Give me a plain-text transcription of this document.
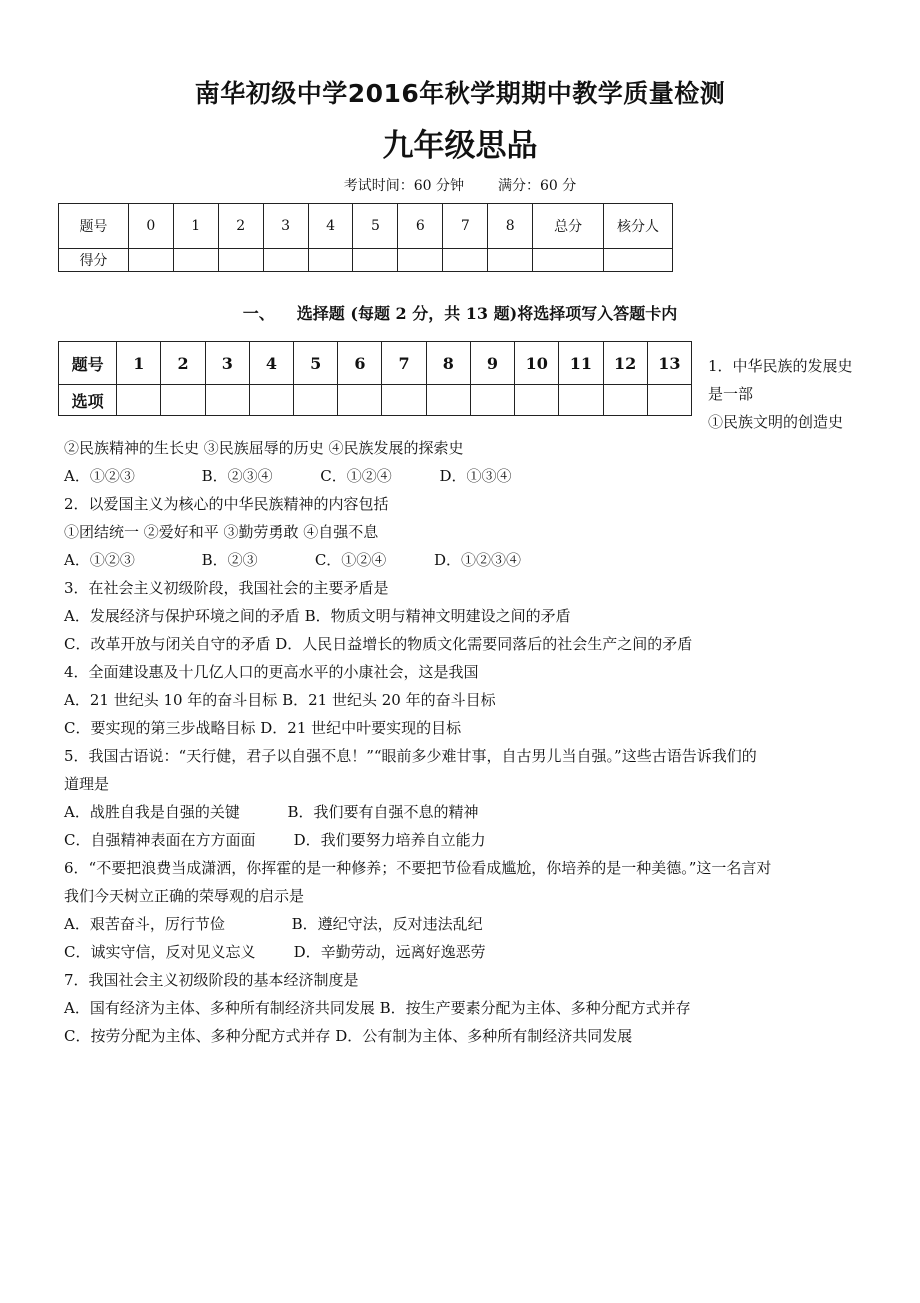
南华初级中学2016年秋学期期中教学质量检测
九年级思品
考试时间：60 分钟 满分：60 分
题号	0	1	2	3	4	5	6	7	8	总分	核分人
得分											
一、 选择题 (每题 2 分，共 13 题)将选择项写入答题卡内
题号	1	2	3	4	5	6	7	8	9	10	11	12	13
选项													
1．中华民族的发展史
是一部
①民族文明的创造史

②民族精神的生长史 ③民族屈辱的历史 ④民族发展的探索史

A．①②③              B．②③④          C．①②④          D．①③④

2．以爱国主义为核心的中华民族精神的内容包括

①团结统一 ②爱好和平 ③勤劳勇敢 ④自强不息

A．①②③              B．②③            C．①②④          D．①②③④

3．在社会主义初级阶段，我国社会的主要矛盾是

A．发展经济与保护环境之间的矛盾 B．物质文明与精神文明建设之间的矛盾

C．改革开放与闭关自守的矛盾 D．人民日益增长的物质文化需要同落后的社会生产之间的矛盾

4．全面建设惠及十几亿人口的更高水平的小康社会，这是我国

A．21 世纪头 10 年的奋斗目标 B．21 世纪头 20 年的奋斗目标

C．要实现的第三步战略目标 D．21 世纪中叶要实现的目标

5．我国古语说：“天行健，君子以自强不息！”“眼前多少难甘事，自古男儿当自强。”这些古语告诉我们的

道理是

A．战胜自我是自强的关键          B．我们要有自强不息的精神

C．自强精神表面在方方面面        D．我们要努力培养自立能力

6．“不要把浪费当成潇洒，你挥霍的是一种修养；不要把节俭看成尴尬，你培养的是一种美德。”这一名言对

我们今天树立正确的荣辱观的启示是

A．艰苦奋斗，厉行节俭              B．遵纪守法，反对违法乱纪

C．诚实守信，反对见义忘义        D．辛勤劳动，远离好逸恶劳

7．我国社会主义初级阶段的基本经济制度是

A．国有经济为主体、多种所有制经济共同发展 B．按生产要素分配为主体、多种分配方式并存

C．按劳分配为主体、多种分配方式并存 D．公有制为主体、多种所有制经济共同发展
